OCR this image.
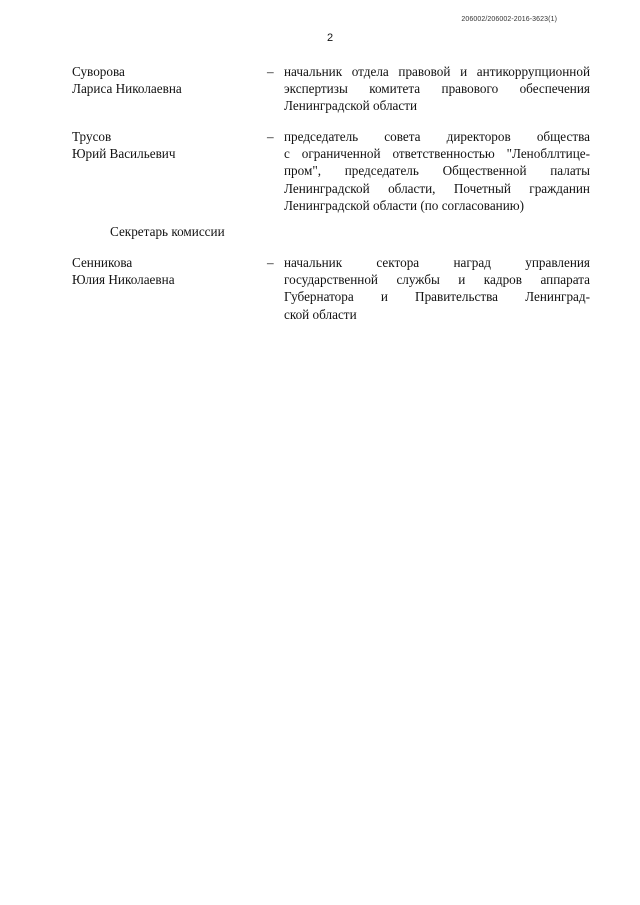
206002/206002-2016-3623(1)
2
Суворова
Лариса Николаевна
– начальник отдела правовой и антикоррупционной
экспертизы комитета правового обеспечения
Ленинградской области
Трусов
Юрий Васильевич
– председатель совета директоров общества
с ограниченной ответственностью "Ленобллтице-
пром", председатель Общественной палаты
Ленинградской области, Почетный гражданин
Ленинградской области (по согласованию)
Секретарь комиссии
Сенникова
Юлия Николаевна
– начальник сектора наград управления
государственной службы и кадров аппарата
Губернатора и Правительства Ленинград-
ской области
